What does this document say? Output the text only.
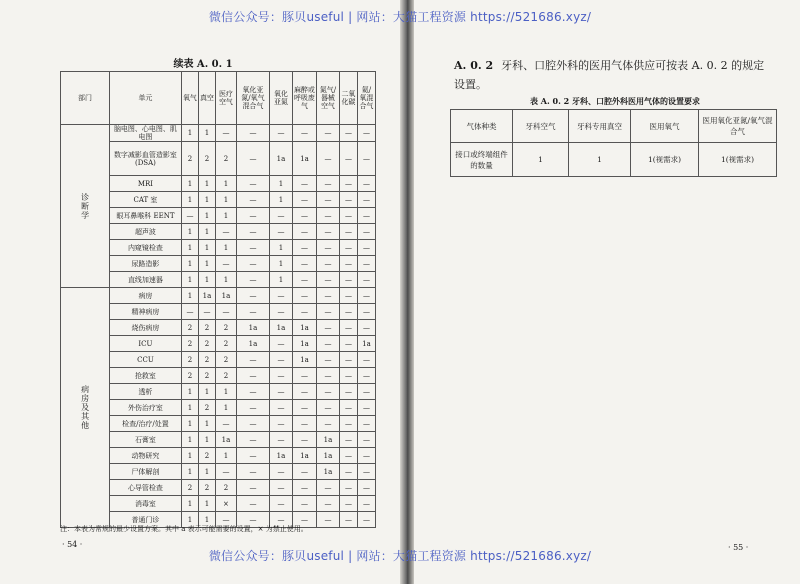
微信公众号：豚贝useful | 网站：大猫工程资源 https://521686.xyz/
微信公众号：豚贝useful | 网站：大猫工程资源 https://521686.xyz/
续表 A. 0. 1
部门	单元	氧气	真空	医疗空气	氧化亚氮/氧气混合气	氧化亚氮	麻醉或呼吸废气	氮气/器械空气	二氧化碳	氦/氧混合气
诊断学	脑电图、心电图、肌电图	1	1	—	—	—	—	—	—	—
	数字减影血管造影室(DSA)	2	2	2	—	1a	1a	—	—	—
	MRI	1	1	1	—	1	—	—	—	—
	CAT 室	1	1	1	—	1	—	—	—	—
	眼耳鼻喉科 EENT	—	1	1	—	—	—	—	—	—
	超声波	1	1	—	—	—	—	—	—	—
	内窥镜检查	1	1	1	—	1	—	—	—	—
	尿路造影	1	1	—	—	1	—	—	—	—
	直线加速器	1	1	1	—	1	—	—	—	—
病房及其他	病房	1	1a	1a	—	—	—	—	—	—
	精神病房	—	—	—	—	—	—	—	—	—
	烧伤病房	2	2	2	1a	1a	1a	—	—	—
	ICU	2	2	2	1a	—	1a	—	—	1a
	CCU	2	2	2	—	—	1a	—	—	—
	抢救室	2	2	2	—	—	—	—	—	—
	透析	1	1	1	—	—	—	—	—	—
	外伤治疗室	1	2	1	—	—	—	—	—	—
	检查/治疗/处置	1	1	—	—	—	—	—	—	—
	石膏室	1	1	1a	—	—	—	1a	—	—
	动物研究	1	2	1	—	1a	1a	1a	—	—
	尸体解剖	1	1	—	—	—	—	1a	—	—
	心导管检查	2	2	2	—	—	—	—	—	—
	消毒室	1	1	×	—	—	—	—	—	—
	普通门诊	1	1	—	—	—	—	—	—	—
注：本表为常规的最少设置方案。其中 a 表示可能需要的设置，× 为禁止使用。
· 54 ·
A. 0. 2 牙科、口腔外科的医用气体供应可按表 A. 0. 2 的规定设置。
表 A. 0. 2 牙科、口腔外科医用气体的设置要求
气体种类	牙科空气	牙科专用真空	医用氧气	医用氧化亚氮/氧气混合气
接口或终端组件的数量	1	1	1(视需求)	1(视需求)
· 55 ·
